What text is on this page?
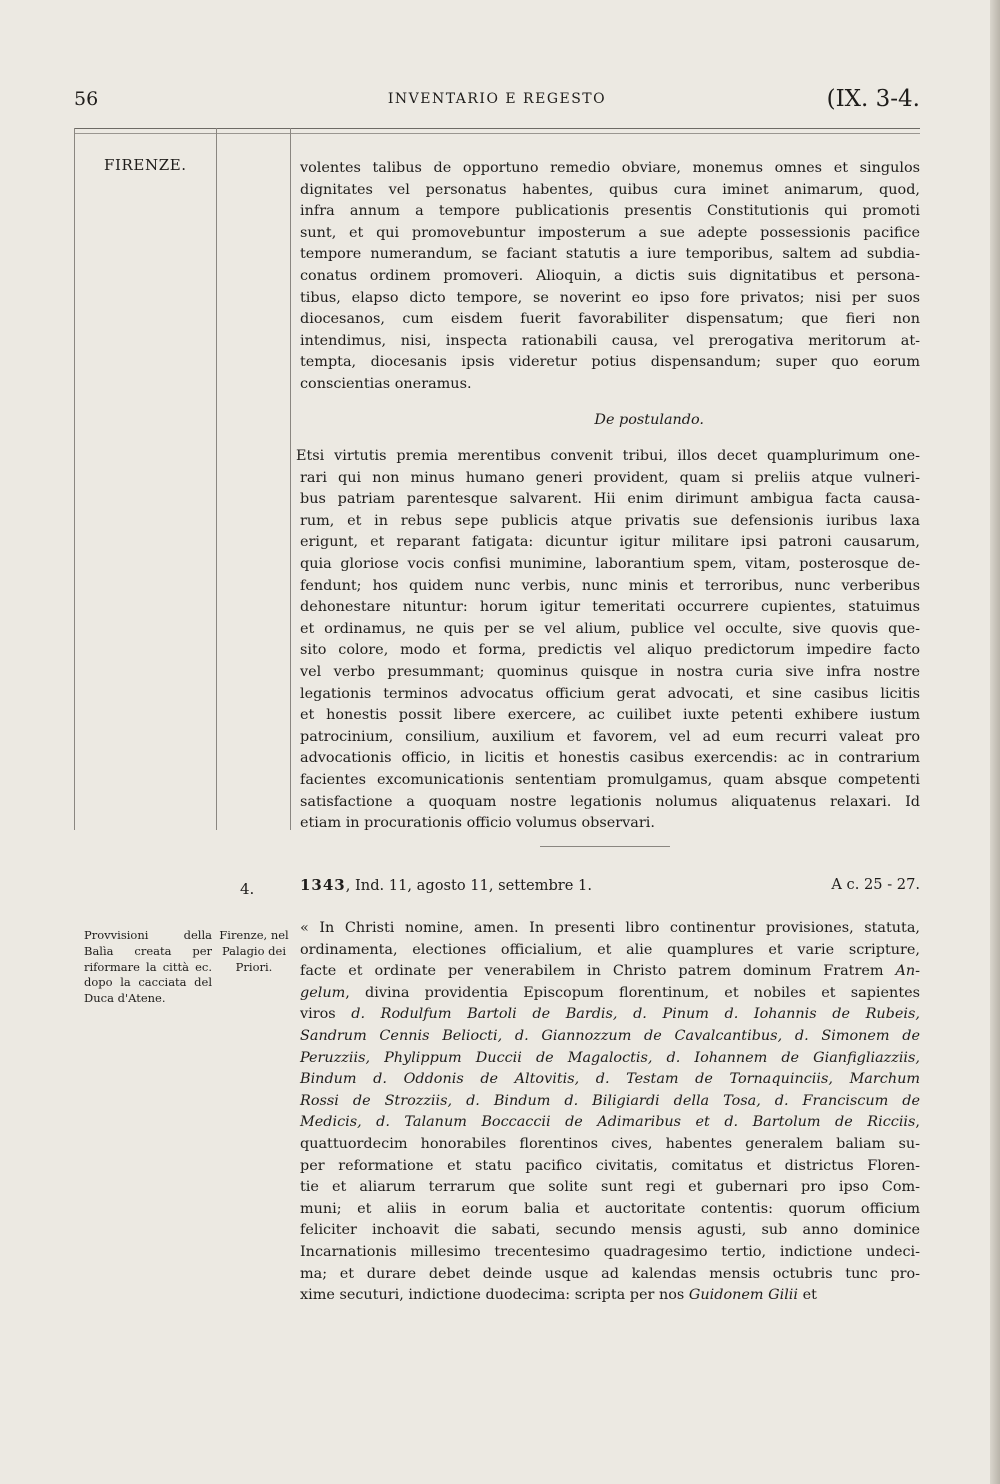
56	INVENTARIO E REGESTO	(IX. 3-4.
FIRENZE.	volentes talibus de opportuno remedio obviare, monemus omnes et singulos
dignitates vel personatus habentes, quibus cura iminet animarum, quod,
infra annum a tempore publicationis presentis Constitutionis qui promoti
sunt, et qui promovebuntur imposterum a sue adepte possessionis pacifice
tempore numerandum, se faciant statutis a iure temporibus, saltem ad subdia-
conatus ordinem promoveri. Alioquin, a dictis suis dignitatibus et persona-
tibus, elapso dicto tempore, se noverint eo ipso fore privatos; nisi per suos
diocesanos, cum eisdem fuerit favorabiliter dispensatum; que fieri non
intendimus, nisi, inspecta rationabili causa, vel prerogativa meritorum at-
tempta, diocesanis ipsis videretur potius dispensandum; super quo eorum
conscientias oneramus.
De postulando.
Etsi virtutis premia merentibus convenit tribui, illos decet quamplurimum one-
rari qui non minus humano generi provident, quam si preliis atque vulneri-
bus patriam parentesque salvarent. Hii enim dirimunt ambigua facta causa-
rum, et in rebus sepe publicis atque privatis sue defensionis iuribus laxa
erigunt, et reparant fatigata: dicuntur igitur militare ipsi patroni causarum,
quia gloriose vocis confisi munimine, laborantium spem, vitam, posterosque de-
fendunt; hos quidem nunc verbis, nunc minis et terroribus, nunc verberibus
dehonestare nituntur: horum igitur temeritati occurrere cupientes, statuimus
et ordinamus, ne quis per se vel alium, publice vel occulte, sive quovis que-
sito colore, modo et forma, predictis vel aliquo predictorum impedire facto
vel verbo presummant; quominus quisque in nostra curia sive infra nostre
legationis terminos advocatus officium gerat advocati, et sine casibus licitis
et honestis possit libere exercere, ac cuilibet iuxte petenti exhibere iustum
patrocinium, consilium, auxilium et favorem, vel ad eum recurri valeat pro
advocationis officio, in licitis et honestis casibus exercendis: ac in contrarium
facientes excomunicationis sententiam promulgamus, quam absque competenti
satisfactione a quoquam nostre legationis nolumus aliquatenus relaxari. Id
etiam in procurationis officio volumus observari.
4.	1343, Ind. 11, agosto 11, settembre 1.	A c. 25 - 27.
Provvisioni della Balìa creata per riformare la città ec. dopo la cacciata del Duca d'Atene.
Firenze, nel Palagio dei Priori.
« In Christi nomine, amen. In presenti libro continentur provisiones, statuta,
ordinamenta, electiones officialium, et alie quamplures et varie scripture,
facte et ordinate per venerabilem in Christo patrem dominum Fratrem An-
gelum, divina providentia Episcopum florentinum, et nobiles et sapientes
viros d. Rodulfum Bartoli de Bardis, d. Pinum d. Iohannis de Rubeis,
Sandrum Cennis Beliocti, d. Giannozzum de Cavalcantibus, d. Simonem de
Peruzziis, Phylippum Duccii de Magaloctis, d. Iohannem de Gianfigliazziis,
Bindum d. Oddonis de Altovitis, d. Testam de Tornaquinciis, Marchum
Rossi de Strozziis, d. Bindum d. Biligiardi della Tosa, d. Franciscum de
Medicis, d. Talanum Boccaccii de Adimaribus et d. Bartolum de Ricciis,
quattuordecim honorabiles florentinos cives, habentes generalem baliam su-
per reformatione et statu pacifico civitatis, comitatus et districtus Floren-
tie et aliarum terrarum que solite sunt regi et gubernari pro ipso Com-
muni; et aliis in eorum balia et auctoritate contentis: quorum officium
feliciter inchoavit die sabati, secundo mensis agusti, sub anno dominice
Incarnationis millesimo trecentesimo quadragesimo tertio, indictione undeci-
ma; et durare debet deinde usque ad kalendas mensis octubris tunc pro-
xime secuturi, indictione duodecima: scripta per nos Guidonem Gilii et
